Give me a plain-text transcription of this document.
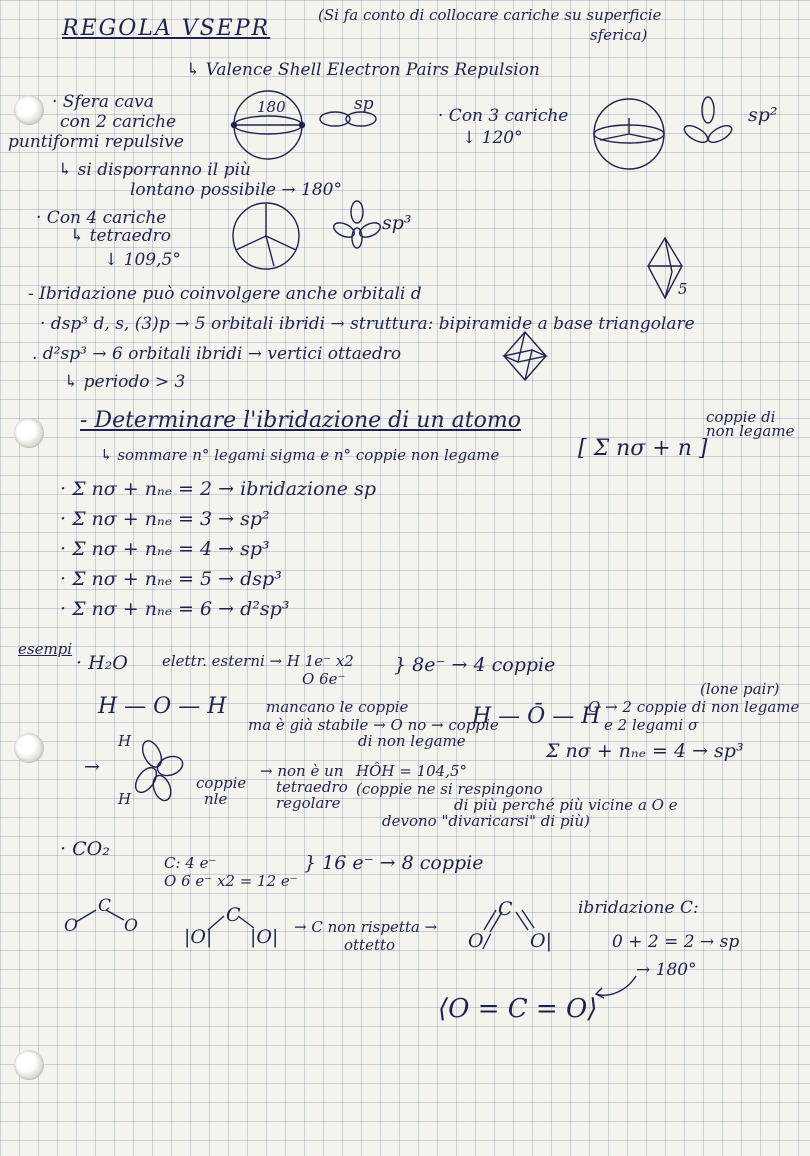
REGOLA VSEPR
(Si fa conto di collocare cariche su superficie
sferica)
↳ Valence Shell Electron Pairs Repulsion
· Sfera cava
con 2 cariche
puntiformi repulsive
180	sp
· Con 3 cariche
↓ 120°
sp²
↳ si disporranno il più
lontano possibile → 180°
· Con 4 cariche
↳ tetraedro
↓ 109,5°
sp³
5
- Ibridazione può coinvolgere anche orbitali d
· dsp³ d, s, (3)p → 5 orbitali ibridi → struttura: bipiramide a base triangolare
. d²sp³ → 6 orbitali ibridi → vertici ottaedro
↳ periodo > 3
- Determinare l'ibridazione di un atomo	coppie di non legame
↳ sommare n° legami sigma e n° coppie non legame	[ Σ nσ + n ]
· Σ nσ + nₙₑ = 2 → ibridazione sp
· Σ nσ + nₙₑ = 3 → sp²
· Σ nσ + nₙₑ = 4 → sp³
· Σ nσ + nₙₑ = 5 → dsp³
· Σ nσ + nₙₑ = 6 → d²sp³
esempi
· H₂O elettr. esterni → H 1e⁻ x2
O 6e⁻
} 8e⁻ → 4 coppie
H — O — H	mancano le coppie
ma è già stabile → O no → coppie
di non legame
H — Ō — H
(lone pair)
O → 2 coppie di non legame
e 2 legami σ
Σ nσ + nₙₑ = 4 → sp³
→
H
H
coppie
nle
→ non è un
tetraedro
regolare
HÔH = 104,5°
(coppie ne si respingono
di più perché più vicine a O e
devono "divaricarsi" di più)
· CO₂
C: 4 e⁻
O 6 e⁻ x2 = 12 e⁻
} 16 e⁻ → 8 coppie
C
O	O	C
|O| |O| → C non rispetta →
ottetto
C
O/ O|
ibridazione C:
0 + 2 = 2 → sp
→ 180°
⟨O = C = O⟩
